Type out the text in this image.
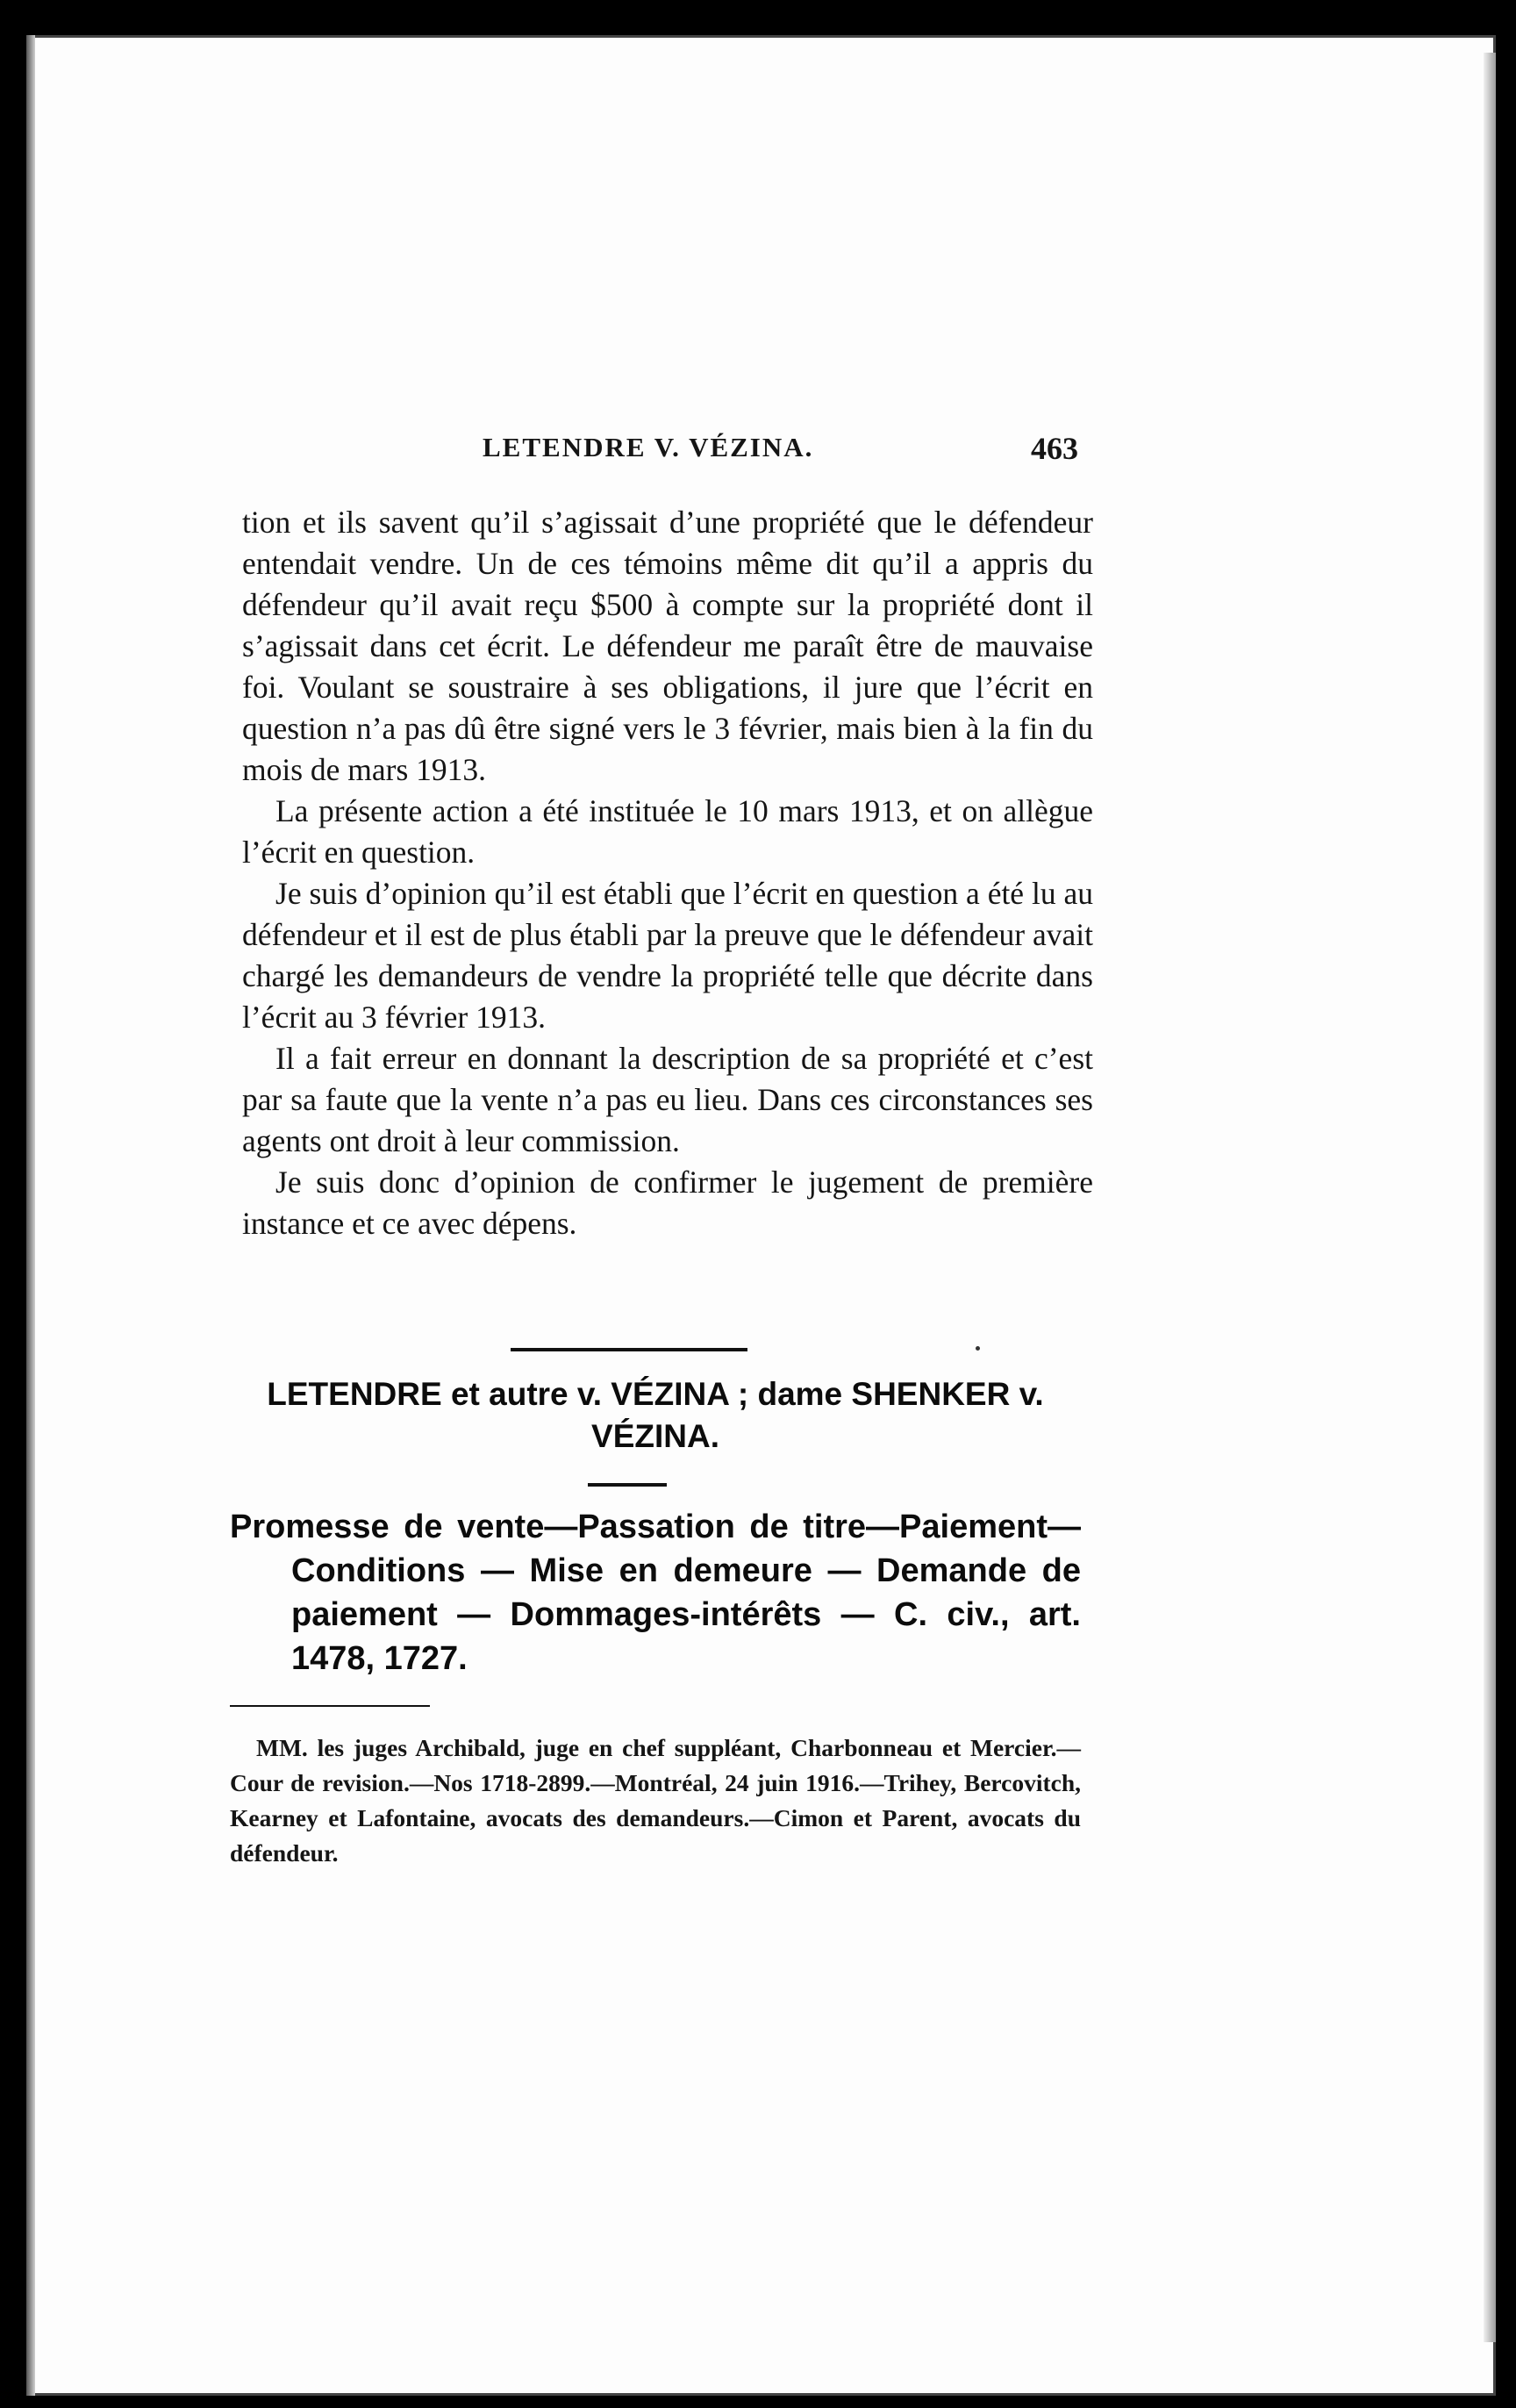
LETENDRE V. VÉZINA.	463

tion et ils savent qu’il s’agissait d’une propriété que le défendeur entendait vendre. Un de ces témoins même dit qu’il a appris du défendeur qu’il avait reçu $500 à compte sur la propriété dont il s’agissait dans cet écrit. Le défendeur me paraît être de mauvaise foi. Voulant se soustraire à ses obligations, il jure que l’écrit en question n’a pas dû être signé vers le 3 février, mais bien à la fin du mois de mars 1913.

La présente action a été instituée le 10 mars 1913, et on allègue l’écrit en question.

Je suis d’opinion qu’il est établi que l’écrit en question a été lu au défendeur et il est de plus établi par la preuve que le défendeur avait chargé les demandeurs de vendre la propriété telle que décrite dans l’écrit au 3 février 1913.

Il a fait erreur en donnant la description de sa propriété et c’est par sa faute que la vente n’a pas eu lieu. Dans ces circonstances ses agents ont droit à leur commission.

Je suis donc d’opinion de confirmer le jugement de première instance et ce avec dépens.

LETENDRE et autre v. VÉZINA ; dame SHENKER v. VÉZINA.
Promesse de vente—Passation de titre—Paiement—Conditions — Mise en demeure — Demande de paiement — Dommages-intérêts — C. civ., art. 1478, 1727.

MM. les juges Archibald, juge en chef suppléant, Charbonneau et Mercier.—Cour de revision.—Nos 1718-2899.—Montréal, 24 juin 1916.—Trihey, Bercovitch, Kearney et Lafontaine, avocats des demandeurs.—Cimon et Parent, avocats du défendeur.
